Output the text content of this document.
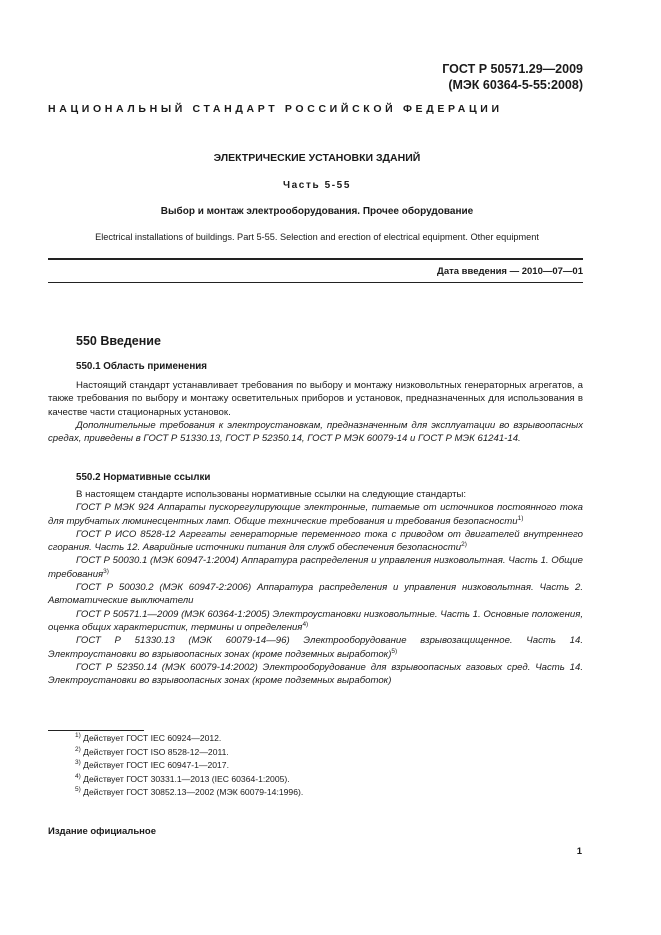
ГОСТ Р 50571.29—2009
(МЭК 60364-5-55:2008)
НАЦИОНАЛЬНЫЙ СТАНДАРТ РОССИЙСКОЙ ФЕДЕРАЦИИ
ЭЛЕКТРИЧЕСКИЕ УСТАНОВКИ ЗДАНИЙ
Часть 5-55
Выбор и монтаж электрооборудования. Прочее оборудование
Electrical installations of buildings. Part 5-55. Selection and erection of electrical equipment. Other equipment
Дата введения — 2010—07—01
550 Введение
550.1 Область применения

Настоящий стандарт устанавливает требования по выбору и монтажу низковольтных генераторных агрегатов, а также требования по выбору и монтажу осветительных приборов и установок, предназначенных для использования в качестве части стационарных установок.

Дополнительные требования к электроустановкам, предназначенным для эксплуатации во взрывоопасных средах, приведены в ГОСТ Р 51330.13, ГОСТ Р 52350.14, ГОСТ Р МЭК 60079-14 и ГОСТ Р МЭК 61241-14.

550.2 Нормативные ссылки

В настоящем стандарте использованы нормативные ссылки на следующие стандарты:

ГОСТ Р МЭК 924 Аппараты пускорегулирующие электронные, питаемые от источников постоянного тока для трубчатых люминесцентных ламп. Общие технические требования и требования безопасности$^{1)}$

ГОСТ Р ИСО 8528-12 Агрегаты генераторные переменного тока с приводом от двигателей внутреннего сгорания. Часть 12. Аварийные источники питания для служб обеспечения безопасности$^{2)}$

ГОСТ Р 50030.1 (МЭК 60947-1:2004) Аппаратура распределения и управления низковольтная. Часть 1. Общие требования$^{3)}$

ГОСТ Р 50030.2 (МЭК 60947-2:2006) Аппаратура распределения и управления низковольтная. Часть 2. Автоматические выключатели

ГОСТ Р 50571.1—2009 (МЭК 60364-1:2005) Электроустановки низковольтные. Часть 1. Основные положения, оценка общих характеристик, термины и определения$^{4)}$

ГОСТ Р 51330.13 (МЭК 60079-14—96) Электрооборудование взрывозащищенное. Часть 14. Электроустановки во взрывоопасных зонах (кроме подземных выработок)$^{5)}$

ГОСТ Р 52350.14 (МЭК 60079-14:2002) Электрооборудование для взрывоопасных газовых сред. Часть 14. Электроустановки во взрывоопасных зонах (кроме подземных выработок)

$^{1)}$ Действует ГОСТ IEC 60924—2012.

$^{2)}$ Действует ГОСТ ISO 8528-12—2011.

$^{3)}$ Действует ГОСТ IEC 60947-1—2017.

$^{4)}$ Действует ГОСТ 30331.1—2013 (IEC 60364-1:2005).

$^{5)}$ Действует ГОСТ 30852.13—2002 (МЭК 60079-14:1996).

Издание официальное
1
